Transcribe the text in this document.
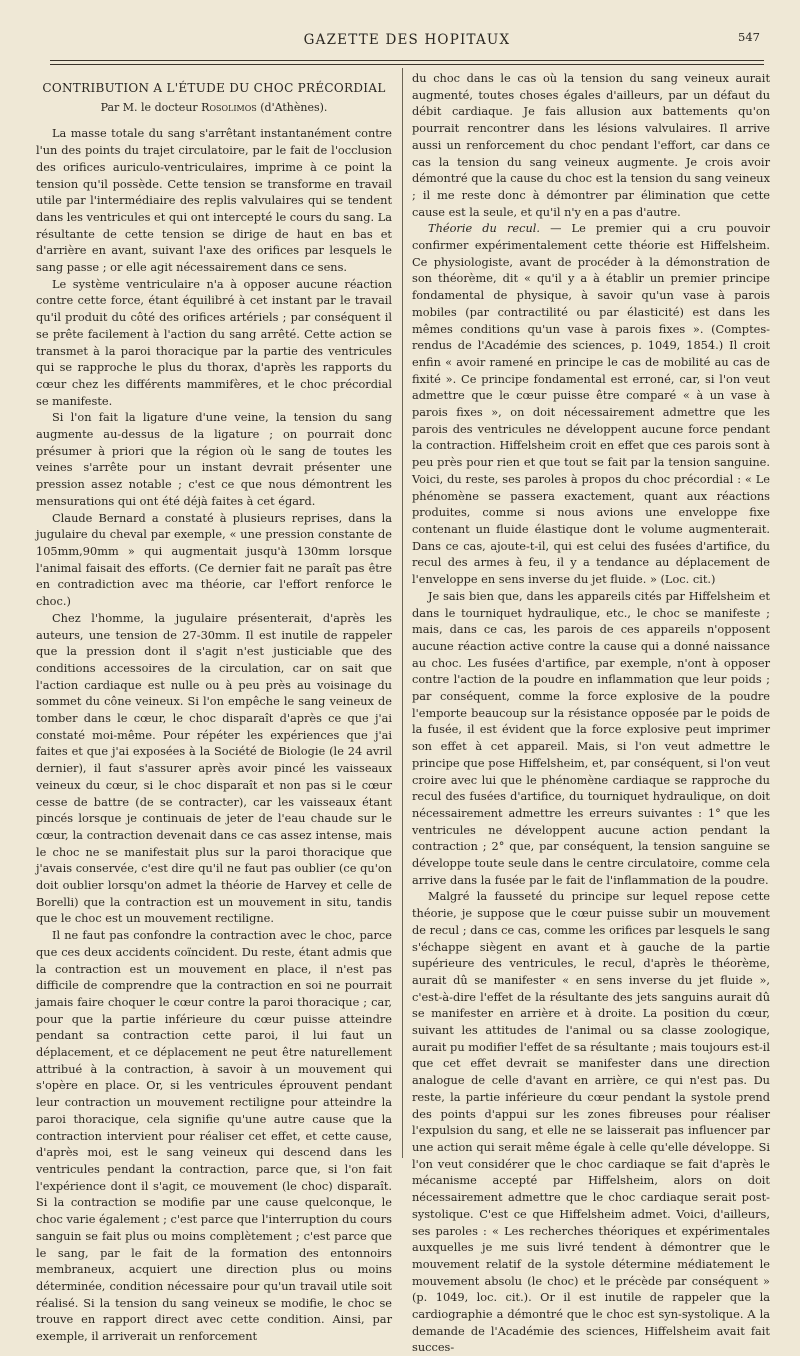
GAZETTE DES HOPITAUX	547
CONTRIBUTION A L'ÉTUDE DU CHOC PRÉCORDIAL
Par M. le docteur Rosolimos (d'Athènes).

La masse totale du sang s'arrêtant instantanément contre l'un des points du trajet circulatoire, par le fait de l'occlusion des orifices auriculo-ventriculaires, imprime à ce point la tension qu'il possède. Cette tension se transforme en travail utile par l'intermédiaire des replis valvulaires qui se tendent dans les ventricules et qui ont intercepté le cours du sang. La résultante de cette tension se dirige de haut en bas et d'arrière en avant, suivant l'axe des orifices par lesquels le sang passe ; or elle agit nécessairement dans ce sens.

Le système ventriculaire n'a à opposer aucune réaction contre cette force, étant équilibré à cet instant par le travail qu'il produit du côté des orifices artériels ; par conséquent il se prête facilement à l'action du sang arrêté. Cette action se transmet à la paroi thoracique par la partie des ventricules qui se rapproche le plus du thorax, d'après les rapports du cœur chez les différents mammifères, et le choc précordial se manifeste.

Si l'on fait la ligature d'une veine, la tension du sang augmente au-dessus de la ligature ; on pourrait donc présumer à priori que la région où le sang de toutes les veines s'arrête pour un instant devrait présenter une pression assez notable ; c'est ce que nous démontrent les mensurations qui ont été déjà faites à cet égard.

Claude Bernard a constaté à plusieurs reprises, dans la jugulaire du cheval par exemple, « une pression constante de 105mm,90mm » qui augmentait jusqu'à 130mm lorsque l'animal faisait des efforts. (Ce dernier fait ne paraît pas être en contradiction avec ma théorie, car l'effort renforce le choc.)

Chez l'homme, la jugulaire présenterait, d'après les auteurs, une tension de 27-30mm. Il est inutile de rappeler que la pression dont il s'agit n'est justiciable que des conditions accessoires de la circulation, car on sait que l'action cardiaque est nulle ou à peu près au voisinage du sommet du cône veineux. Si l'on empêche le sang veineux de tomber dans le cœur, le choc disparaît d'après ce que j'ai constaté moi-même. Pour répéter les expériences que j'ai faites et que j'ai exposées à la Société de Biologie (le 24 avril dernier), il faut s'assurer après avoir pincé les vaisseaux veineux du cœur, si le choc disparaît et non pas si le cœur cesse de battre (de se contracter), car les vaisseaux étant pincés lorsque je continuais de jeter de l'eau chaude sur le cœur, la contraction devenait dans ce cas assez intense, mais le choc ne se manifestait plus sur la paroi thoracique que j'avais conservée, c'est dire qu'il ne faut pas oublier (ce qu'on doit oublier lorsqu'on admet la théorie de Harvey et celle de Borelli) que la contraction est un mouvement in situ, tandis que le choc est un mouvement rectiligne.

Il ne faut pas confondre la contraction avec le choc, parce que ces deux accidents coïncident. Du reste, étant admis que la contraction est un mouvement en place, il n'est pas difficile de comprendre que la contraction en soi ne pourrait jamais faire choquer le cœur contre la paroi thoracique ; car, pour que la partie inférieure du cœur puisse atteindre pendant sa contraction cette paroi, il lui faut un déplacement, et ce déplacement ne peut être naturellement attribué à la contraction, à savoir à un mouvement qui s'opère en place. Or, si les ventricules éprouvent pendant leur contraction un mouvement rectiligne pour atteindre la paroi thoracique, cela signifie qu'une autre cause que la contraction intervient pour réaliser cet effet, et cette cause, d'après moi, est le sang veineux qui descend dans les ventricules pendant la contraction, parce que, si l'on fait l'expérience dont il s'agit, ce mouvement (le choc) disparaît. Si la contraction se modifie par une cause quelconque, le choc varie également ; c'est parce que l'interruption du cours sanguin se fait plus ou moins complètement ; c'est parce que le sang, par le fait de la formation des entonnoirs membraneux, acquiert une direction plus ou moins déterminée, condition nécessaire pour qu'un travail utile soit réalisé. Si la tension du sang veineux se modifie, le choc se trouve en rapport direct avec cette condition. Ainsi, par exemple, il arriverait un renforcement

du choc dans le cas où la tension du sang veineux aurait augmenté, toutes choses égales d'ailleurs, par un défaut du débit cardiaque. Je fais allusion aux battements qu'on pourrait rencontrer dans les lésions valvulaires. Il arrive aussi un renforcement du choc pendant l'effort, car dans ce cas la tension du sang veineux augmente. Je crois avoir démontré que la cause du choc est la tension du sang veineux ; il me reste donc à démontrer par élimination que cette cause est la seule, et qu'il n'y en a pas d'autre.

Théorie du recul. — Le premier qui a cru pouvoir confirmer expérimentalement cette théorie est Hiffelsheim. Ce physiologiste, avant de procéder à la démonstration de son théorème, dit « qu'il y a à établir un premier principe fondamental de physique, à savoir qu'un vase à parois mobiles (par contractilité ou par élasticité) est dans les mêmes conditions qu'un vase à parois fixes ». (Comptes-rendus de l'Académie des sciences, p. 1049, 1854.) Il croit enfin « avoir ramené en principe le cas de mobilité au cas de fixité ». Ce principe fondamental est erroné, car, si l'on veut admettre que le cœur puisse être comparé « à un vase à parois fixes », on doit nécessairement admettre que les parois des ventricules ne développent aucune force pendant la contraction. Hiffelsheim croit en effet que ces parois sont à peu près pour rien et que tout se fait par la tension sanguine. Voici, du reste, ses paroles à propos du choc précordial : « Le phénomène se passera exactement, quant aux réactions produites, comme si nous avions une enveloppe fixe contenant un fluide élastique dont le volume augmenterait. Dans ce cas, ajoute-t-il, qui est celui des fusées d'artifice, du recul des armes à feu, il y a tendance au déplacement de l'enveloppe en sens inverse du jet fluide. » (Loc. cit.)

Je sais bien que, dans les appareils cités par Hiffelsheim et dans le tourniquet hydraulique, etc., le choc se manifeste ; mais, dans ce cas, les parois de ces appareils n'opposent aucune réaction active contre la cause qui a donné naissance au choc. Les fusées d'artifice, par exemple, n'ont à opposer contre l'action de la poudre en inflammation que leur poids ; par conséquent, comme la force explosive de la poudre l'emporte beaucoup sur la résistance opposée par le poids de la fusée, il est évident que la force explosive peut imprimer son effet à cet appareil. Mais, si l'on veut admettre le principe que pose Hiffelsheim, et, par conséquent, si l'on veut croire avec lui que le phénomène cardiaque se rapproche du recul des fusées d'artifice, du tourniquet hydraulique, on doit nécessairement admettre les erreurs suivantes : 1° que les ventricules ne développent aucune action pendant la contraction ; 2° que, par conséquent, la tension sanguine se développe toute seule dans le centre circulatoire, comme cela arrive dans la fusée par le fait de l'inflammation de la poudre.

Malgré la fausseté du principe sur lequel repose cette théorie, je suppose que le cœur puisse subir un mouvement de recul ; dans ce cas, comme les orifices par lesquels le sang s'échappe siègent en avant et à gauche de la partie supérieure des ventricules, le recul, d'après le théorème, aurait dû se manifester « en sens inverse du jet fluide », c'est-à-dire l'effet de la résultante des jets sanguins aurait dû se manifester en arrière et à droite. La position du cœur, suivant les attitudes de l'animal ou sa classe zoologique, aurait pu modifier l'effet de sa résultante ; mais toujours est-il que cet effet devrait se manifester dans une direction analogue de celle d'avant en arrière, ce qui n'est pas. Du reste, la partie inférieure du cœur pendant la systole prend des points d'appui sur les zones fibreuses pour réaliser l'expulsion du sang, et elle ne se laisserait pas influencer par une action qui serait même égale à celle qu'elle développe. Si l'on veut considérer que le choc cardiaque se fait d'après le mécanisme accepté par Hiffelsheim, alors on doit nécessairement admettre que le choc cardiaque serait post-systolique. C'est ce que Hiffelsheim admet. Voici, d'ailleurs, ses paroles : « Les recherches théoriques et expérimentales auxquelles je me suis livré tendent à démontrer que le mouvement relatif de la systole détermine médiatement le mouvement absolu (le choc) et le précède par conséquent » (p. 1049, loc. cit.). Or il est inutile de rappeler que la cardiographie a démontré que le choc est syn-systolique. A la demande de l'Académie des sciences, Hiffelsheim avait fait succes-
